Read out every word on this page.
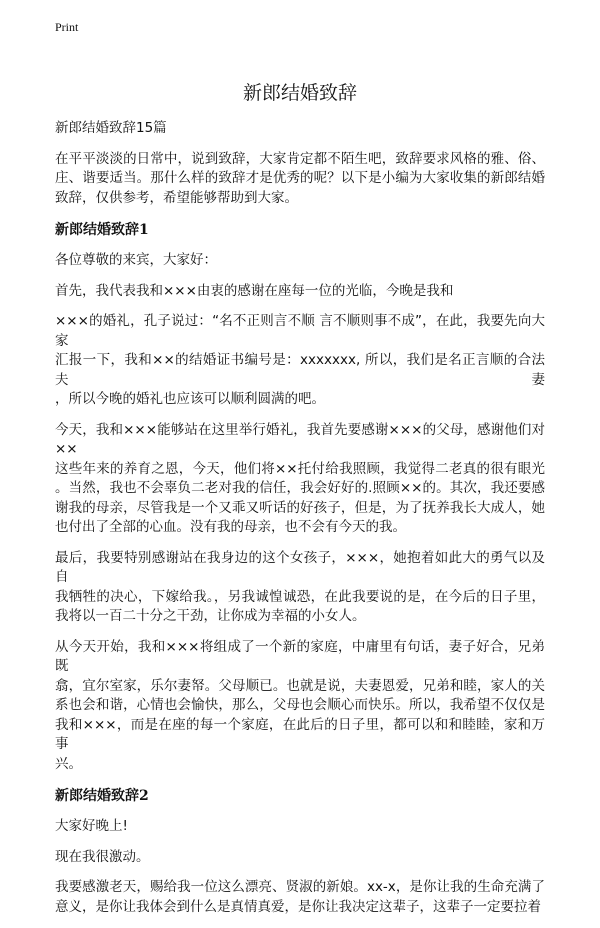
Print
新郎结婚致辞
新郎结婚致辞15篇
在平平淡淡的日常中，说到致辞，大家肯定都不陌生吧，致辞要求风格的雅、俗、
庄、谐要适当。那什么样的致辞才是优秀的呢？以下是小编为大家收集的新郎结婚
致辞，仅供参考，希望能够帮助到大家。
新郎结婚致辞1
各位尊敬的来宾，大家好：
首先，我代表我和×××由衷的感谢在座每一位的光临，今晚是我和
×××的婚礼，孔子说过：“名不正则言不顺 言不顺则事不成”，在此，我要先向大家
汇报一下，我和××的结婚证书编号是：xxxxxxx, 所以，我们是名正言顺的合法夫妻
，所以今晚的婚礼也应该可以顺利圆满的吧。
今天，我和×××能够站在这里举行婚礼，我首先要感谢×××的父母，感谢他们对××
这些年来的养育之恩，今天，他们将××托付给我照顾，我觉得二老真的很有眼光
。当然，我也不会辜负二老对我的信任，我会好好的.照顾××的。其次，我还要感
谢我的母亲，尽管我是一个又乖又听话的好孩子，但是，为了抚养我长大成人，她
也付出了全部的心血。没有我的母亲，也不会有今天的我。
最后，我要特别感谢站在我身边的这个女孩子，×××，她抱着如此大的勇气以及自
我牺牲的决心，下嫁给我。，另我诚惶诚恐，在此我要说的是，在今后的日子里，
我将以一百二十分之干劲，让你成为幸福的小女人。
从今天开始，我和×××将组成了一个新的家庭，中庸里有句话，妻子好合，兄弟既
翕，宜尔室家，乐尔妻帑。父母顺已。也就是说，夫妻恩爱，兄弟和睦，家人的关
系也会和谐，心情也会愉快，那么，父母也会顺心而快乐。所以，我希望不仅仅是
我和×××，而是在座的每一个家庭，在此后的日子里，都可以和和睦睦，家和万事
兴。
新郎结婚致辞2
大家好晚上!
现在我很激动。
我要感激老天，赐给我一位这么漂亮、贤淑的新娘。xx-x，是你让我的生命充满了
意义，是你让我体会到什么是真情真爱，是你让我决定这辈子，这辈子一定要拉着
